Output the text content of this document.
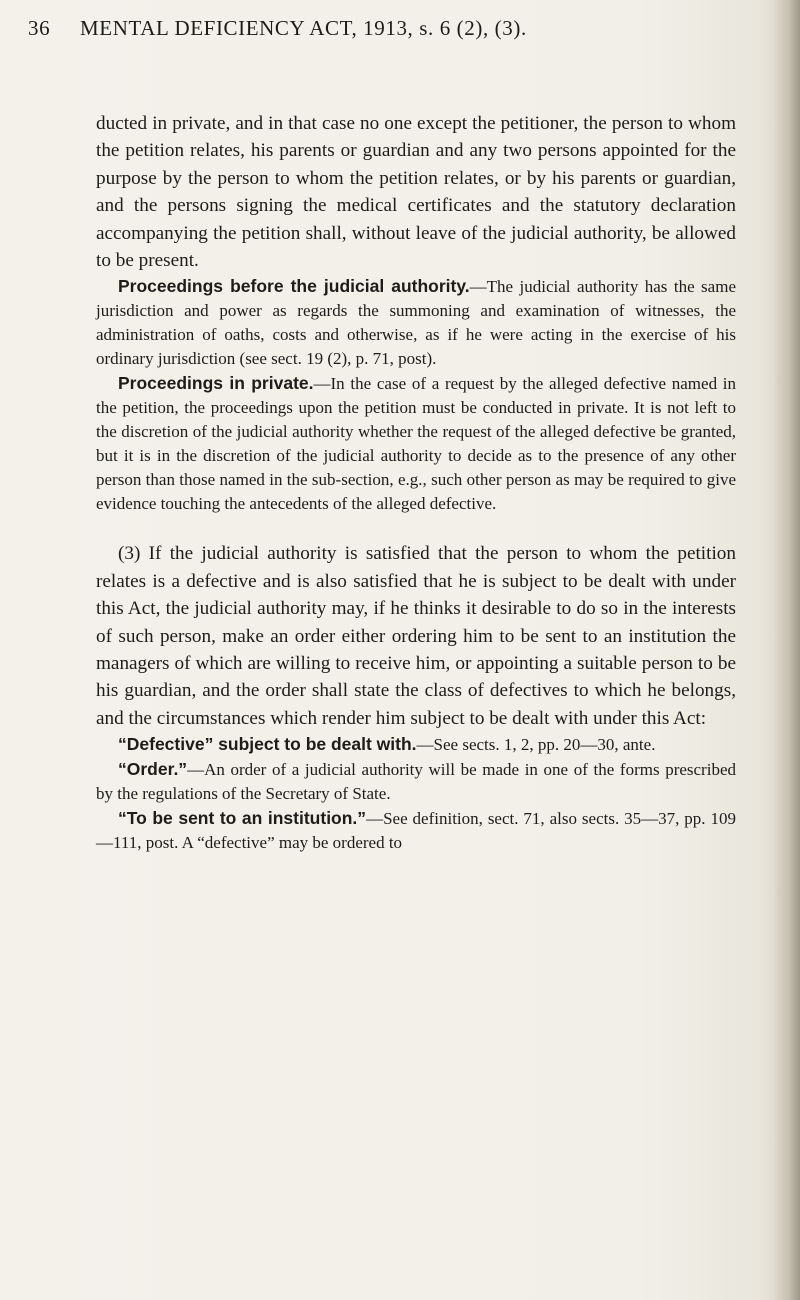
36 MENTAL DEFICIENCY ACT, 1913, s. 6 (2), (3).

ducted in private, and in that case no one except the petitioner, the person to whom the petition relates, his parents or guardian and any two persons appointed for the purpose by the person to whom the petition relates, or by his parents or guardian, and the persons signing the medical certificates and the statutory declaration accompanying the petition shall, without leave of the judicial authority, be allowed to be present.

Proceedings before the judicial authority.—The judicial authority has the same jurisdiction and power as regards the summoning and examination of witnesses, the administration of oaths, costs and otherwise, as if he were acting in the exercise of his ordinary jurisdiction (see sect. 19 (2), p. 71, post).

Proceedings in private.—In the case of a request by the alleged defective named in the petition, the proceedings upon the petition must be conducted in private. It is not left to the discretion of the judicial authority whether the request of the alleged defective be granted, but it is in the discretion of the judicial authority to decide as to the presence of any other person than those named in the sub-section, e.g., such other person as may be required to give evidence touching the antecedents of the alleged defective.

(3) If the judicial authority is satisfied that the person to whom the petition relates is a defective and is also satisfied that he is subject to be dealt with under this Act, the judicial authority may, if he thinks it desirable to do so in the interests of such person, make an order either ordering him to be sent to an institution the managers of which are willing to receive him, or appointing a suitable person to be his guardian, and the order shall state the class of defectives to which he belongs, and the circumstances which render him subject to be dealt with under this Act:

“Defective” subject to be dealt with.—See sects. 1, 2, pp. 20—30, ante.

“Order.”—An order of a judicial authority will be made in one of the forms prescribed by the regulations of the Secretary of State.

“To be sent to an institution.”—See definition, sect. 71, also sects. 35—37, pp. 109—111, post. A “defective” may be ordered to
